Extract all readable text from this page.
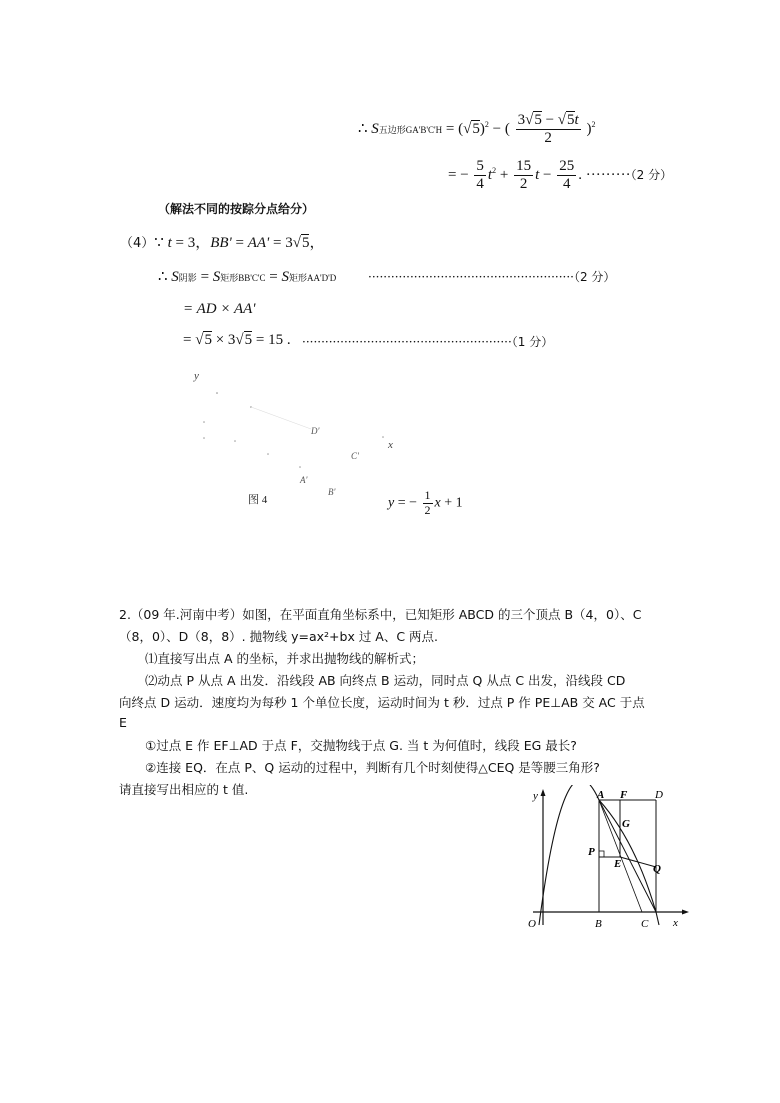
∴ S五边形$GA'B'C'H = (√5)^2$ − ( $\frac{3√5 - √5t}{2} )^2$
= − $\frac{5}{4} t^2 + \frac{15}{2}$ $t - \frac{25}{4}$ . ·········（2 分）
（解法不同的按踪分点给分）
（4）∵ t = 3，BB' = AA' = 3√5，
∴ S阴影 = S矩形BB'C'C = S矩形AA'D'D	······················································（2 分）
= AD × AA'
= √5 × 3√5 = 15 . ·······················································（1 分）
y
D'
x
C'
A'
B'
图 4	y = − $\frac{1}{2}$ x + 1
2.（09 年.河南中考）如图，在平面直角坐标系中，已知矩形 ABCD 的三个顶点 B（4，0）、C
（8，0）、D（8，8）. 抛物线 y=ax²+bx 过 A、C 两点.
⑴直接写出点 A 的坐标，并求出抛物线的解析式；
⑵动点 P 从点 A 出发．沿线段 AB 向终点 B 运动，同时点 Q 从点 C 出发，沿线段 CD
向终点 D 运动．速度均为每秒 1 个单位长度，运动时间为 t 秒．过点 P 作 PE⊥AB 交 AC 于点
E
①过点 E 作 EF⊥AD 于点 F，交抛物线于点 G. 当 t 为何值时，线段 EG 最长?
②连接 EQ．在点 P、Q 运动的过程中，判断有几个时刻使得△CEQ 是等腰三角形?
请直接写出相应的 t 值.	y
x
O
A
B	C
D
F
G
P
E	Q
